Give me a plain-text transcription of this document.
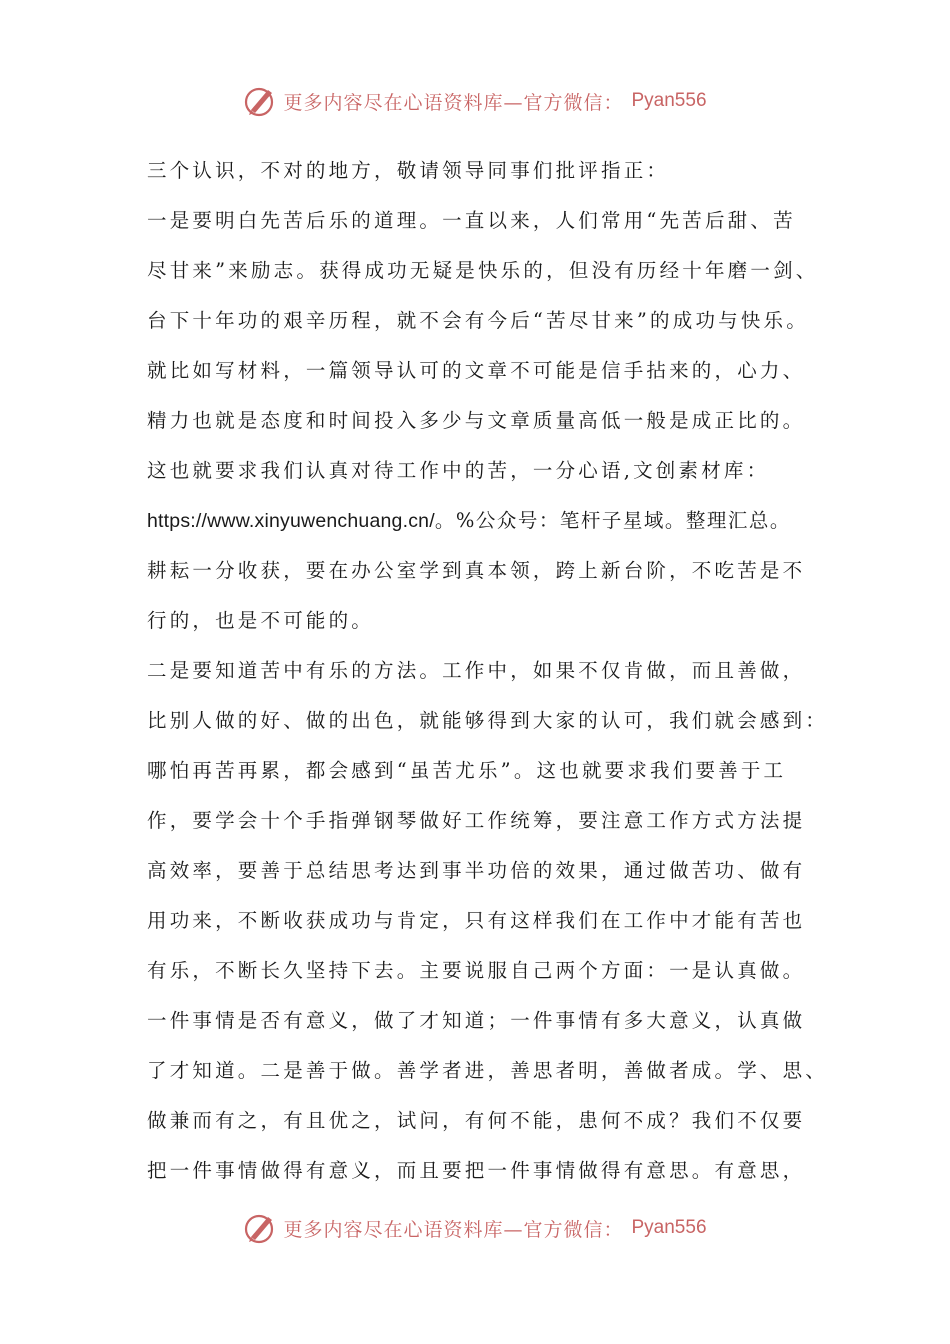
更多内容尽在心语资料库—官方微信： Pyan556
三个认识，不对的地方，敬请领导同事们批评指正：
一是要明白先苦后乐的道理。一直以来，人们常用“先苦后甜、苦
尽甘来”来励志。获得成功无疑是快乐的，但没有历经十年磨一剑、
台下十年功的艰辛历程，就不会有今后“苦尽甘来”的成功与快乐。
就比如写材料，一篇领导认可的文章不可能是信手拈来的，心力、
精力也就是态度和时间投入多少与文章质量高低一般是成正比的。
这也就要求我们认真对待工作中的苦，一分心语,文创素材库：
https://www.xinyuwenchuang.cn/。%公众号：笔杆子星域。整理汇总。
耕耘一分收获，要在办公室学到真本领，跨上新台阶，不吃苦是不
行的，也是不可能的。
二是要知道苦中有乐的方法。工作中，如果不仅肯做，而且善做，
比别人做的好、做的出色，就能够得到大家的认可，我们就会感到：
哪怕再苦再累，都会感到“虽苦尤乐”。这也就要求我们要善于工
作，要学会十个手指弹钢琴做好工作统筹，要注意工作方式方法提
高效率，要善于总结思考达到事半功倍的效果，通过做苦功、做有
用功来，不断收获成功与肯定，只有这样我们在工作中才能有苦也
有乐，不断长久坚持下去。主要说服自己两个方面：一是认真做。
一件事情是否有意义，做了才知道；一件事情有多大意义，认真做
了才知道。二是善于做。善学者进，善思者明，善做者成。学、思、
做兼而有之，有且优之，试问，有何不能，患何不成？我们不仅要
把一件事情做得有意义，而且要把一件事情做得有意思。有意思，
更多内容尽在心语资料库—官方微信： Pyan556
